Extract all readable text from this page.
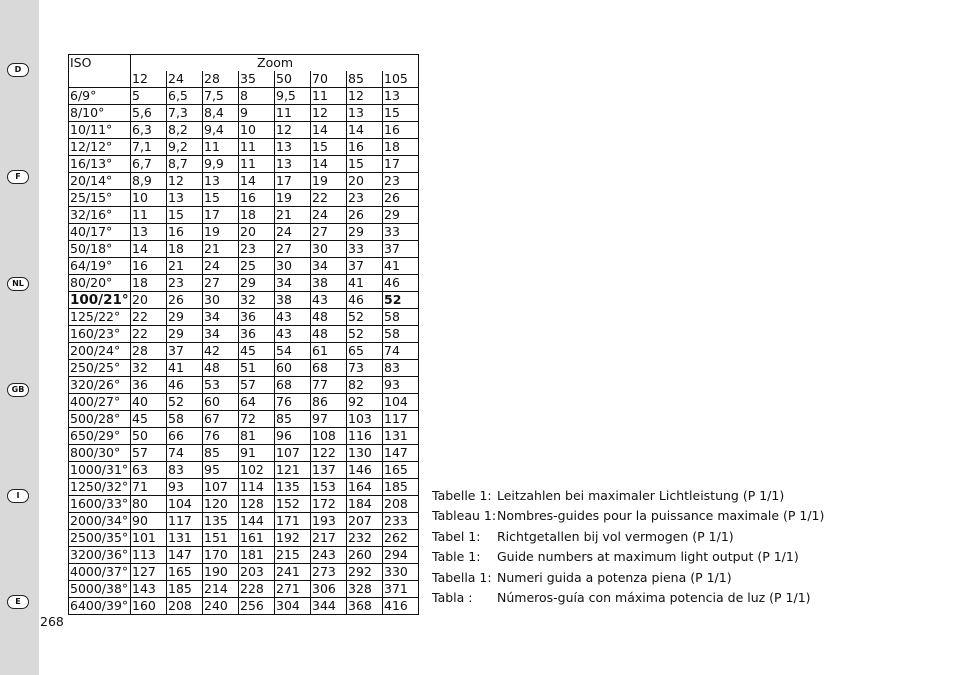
D
F
NL
GB
I
E
268
ISO	Zoom							
	12	24	28	35	50	70	85	105
6/9°	5	6,5	7,5	8	9,5	11	12	13
8/10°	5,6	7,3	8,4	9	11	12	13	15
10/11°	6,3	8,2	9,4	10	12	14	14	16
12/12°	7,1	9,2	11	11	13	15	16	18
16/13°	6,7	8,7	9,9	11	13	14	15	17
20/14°	8,9	12	13	14	17	19	20	23
25/15°	10	13	15	16	19	22	23	26
32/16°	11	15	17	18	21	24	26	29
40/17°	13	16	19	20	24	27	29	33
50/18°	14	18	21	23	27	30	33	37
64/19°	16	21	24	25	30	34	37	41
80/20°	18	23	27	29	34	38	41	46
100/21°	20	26	30	32	38	43	46	52
125/22°	22	29	34	36	43	48	52	58
160/23°	22	29	34	36	43	48	52	58
200/24°	28	37	42	45	54	61	65	74
250/25°	32	41	48	51	60	68	73	83
320/26°	36	46	53	57	68	77	82	93
400/27°	40	52	60	64	76	86	92	104
500/28°	45	58	67	72	85	97	103	117
650/29°	50	66	76	81	96	108	116	131
800/30°	57	74	85	91	107	122	130	147
1000/31°	63	83	95	102	121	137	146	165
1250/32°	71	93	107	114	135	153	164	185
1600/33°	80	104	120	128	152	172	184	208
2000/34°	90	117	135	144	171	193	207	233
2500/35°	101	131	151	161	192	217	232	262
3200/36°	113	147	170	181	215	243	260	294
4000/37°	127	165	190	203	241	273	292	330
5000/38°	143	185	214	228	271	306	328	371
6400/39°	160	208	240	256	304	344	368	416
Tabelle 1: Leitzahlen bei maximaler Lichtleistung (P 1/1)
Tableau 1: Nombres-guides pour la puissance maximale (P 1/1)
Tabel 1: Richtgetallen bij vol vermogen (P 1/1)
Table 1: Guide numbers at maximum light output (P 1/1)
Tabella 1: Numeri guida a potenza piena (P 1/1)
Tabla : Números-guía con máxima potencia de luz (P 1/1)
